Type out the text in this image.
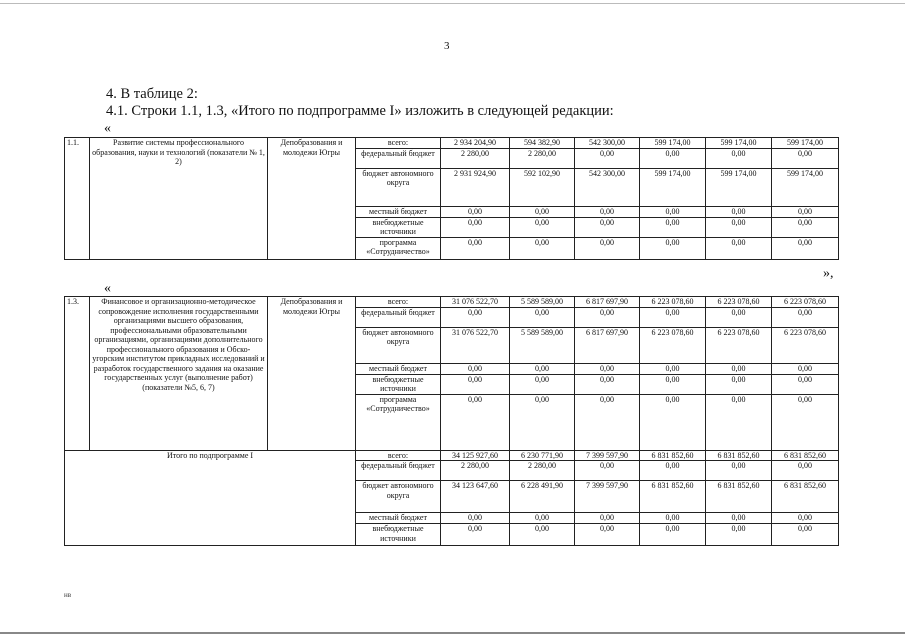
3
4. В таблице 2:
4.1. Строки 1.1, 1.3, «Итого по подпрограмме I» изложить в следующей редакции:
«
1.1.	Развитие системы профессионального образования, науки и технологий (показатели № 1, 2)	Депобразования и молодежи Югры	всего:	2 934 204,90	594 382,90	542 300,00	599 174,00	599 174,00	599 174,00
			федеральный бюджет	2 280,00	2 280,00	0,00	0,00	0,00	0,00
			бюджет автономного округа	2 931 924,90	592 102,90	542 300,00	599 174,00	599 174,00	599 174,00
			местный бюджет	0,00	0,00	0,00	0,00	0,00	0,00
			внебюджетные источники	0,00	0,00	0,00	0,00	0,00	0,00
			программа «Сотрудничество»	0,00	0,00	0,00	0,00	0,00	0,00
»,
«
1.3.	Финансовое и организационно-методическое сопровождение исполнения государственными организациями высшего образования, профессиональными образовательными организациями, организациями дополнительного профессионального образования и Обско-угорским институтом прикладных исследований и разработок государственного задания на оказание государственных услуг (выполнение работ) (показатели №5, 6, 7)	Депобразования и молодежи Югры	всего:	31 076 522,70	5 589 589,00	6 817 697,90	6 223 078,60	6 223 078,60	6 223 078,60
			федеральный бюджет	0,00	0,00	0,00	0,00	0,00	0,00
			бюджет автономного округа	31 076 522,70	5 589 589,00	6 817 697,90	6 223 078,60	6 223 078,60	6 223 078,60
			местный бюджет	0,00	0,00	0,00	0,00	0,00	0,00
			внебюджетные источники	0,00	0,00	0,00	0,00	0,00	0,00
			программа «Сотрудничество»	0,00	0,00	0,00	0,00	0,00	0,00
Итого по подпрограмме I			всего:	34 125 927,60	6 230 771,90	7 399 597,90	6 831 852,60	6 831 852,60	6 831 852,60
			федеральный бюджет	2 280,00	2 280,00	0,00	0,00	0,00	0,00
			бюджет автономного округа	34 123 647,60	6 228 491,90	7 399 597,90	6 831 852,60	6 831 852,60	6 831 852,60
			местный бюджет	0,00	0,00	0,00	0,00	0,00	0,00
			внебюджетные источники	0,00	0,00	0,00	0,00	0,00	0,00
нв
